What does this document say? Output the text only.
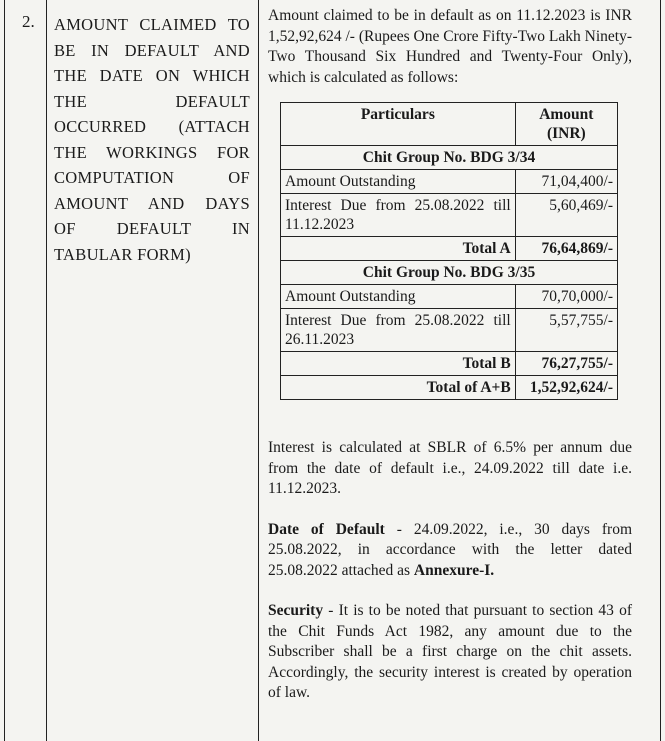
2. AMOUNT CLAIMED TO
BE IN DEFAULT AND
THE DATE ON WHICH
THE DEFAULT
OCCURRED (ATTACH
THE WORKINGS FOR
COMPUTATION OF
AMOUNT AND DAYS
OF DEFAULT IN
TABULAR FORM)

Amount claimed to be in default as on 11.12.2023 is INR 1,52,92,624 /- (Rupees One Crore Fifty-Two Lakh Ninety-Two Thousand Six Hundred and Twenty-Four Only), which is calculated as follows:

Particulars	Amount (INR)
Chit Group No. BDG 3/34	
Amount Outstanding	71,04,400/-
Interest Due from 25.08.2022 till 11.12.2023	5,60,469/-
Total A	76,64,869/-
Chit Group No. BDG 3/35	
Amount Outstanding	70,70,000/-
Interest Due from 25.08.2022 till 26.11.2023	5,57,755/-
Total B	76,27,755/-
Total of A+B	1,52,92,624/-

Interest is calculated at SBLR of 6.5% per annum due from the date of default i.e., 24.09.2022 till date i.e. 11.12.2023.

Date of Default - 24.09.2022, i.e., 30 days from 25.08.2022, in accordance with the letter dated 25.08.2022 attached as Annexure-I.

Security - It is to be noted that pursuant to section 43 of the Chit Funds Act 1982, any amount due to the Subscriber shall be a first charge on the chit assets. Accordingly, the security interest is created by operation of law.
